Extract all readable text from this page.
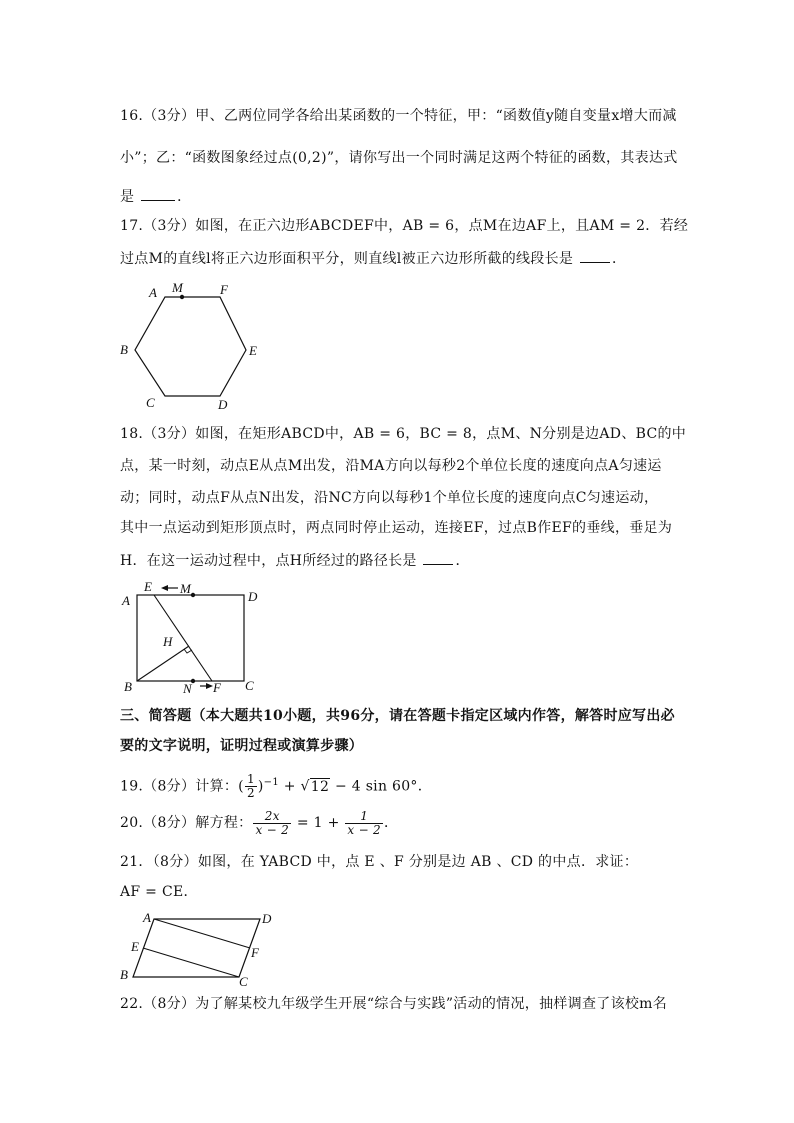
16.（3分）甲、乙两位同学各给出某函数的一个特征，甲：“函数值y随自变量x增大而减
小”；乙：“函数图象经过点(0,2)”，请你写出一个同时满足这两个特征的函数，其表达式
是	．
17.（3分）如图，在正六边形ABCDEF中，AB = 6，点M在边AF上，且AM = 2．若经
过点M的直线l将正六边形面积平分，则直线l被正六边形所截的线段长是	．
A M	F
B	E
C	D
18.（3分）如图，在矩形ABCD中，AB = 6，BC = 8，点M、N分别是边AD、BC的中
点，某一时刻，动点E从点M出发，沿MA方向以每秒2个单位长度的速度向点A匀速运
动；同时，动点F从点N出发，沿NC方向以每秒1个单位长度的速度向点C匀速运动，
其中一点运动到矩形顶点时，两点同时停止运动，连接EF，过点B作EF的垂线，垂足为
H．在这一运动过程中，点H所经过的路径长是	．
A
E M
D
H
B	N F C
三、简答题（本大题共10小题，共96分，请在答题卡指定区域内作答，解答时应写出必
要的文字说明，证明过程或演算步骤）
19.（8分）计算：( $\frac{1}{2} )^{-1} + √12 - 4$ sin 60°．
20.（8分）解方程： $\frac{2x}{x - 2} = 1 + \frac{1}{x - 2}$ ．
21．（8分）如图，在 YABCD 中，点 E 、F 分别是边 AB 、CD 的中点．求证：
AF = CE．
A	D
E	F
B	C
22.（8分）为了解某校九年级学生开展“综合与实践”活动的情况，抽样调查了该校m名
